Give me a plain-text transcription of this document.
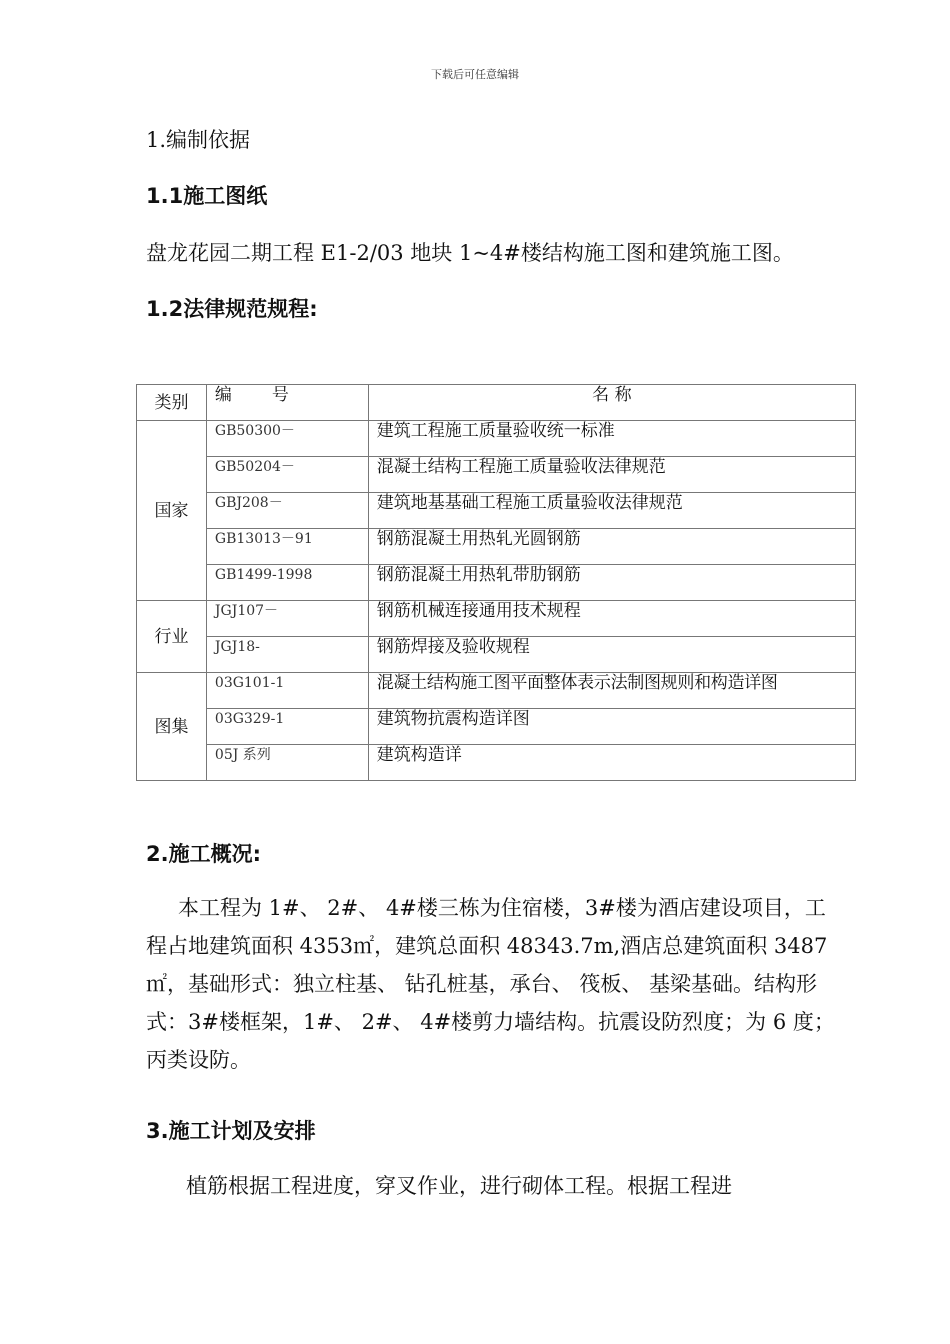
下载后可任意编辑
1.编制依据
1.1施工图纸
盘龙花园二期工程 E1-2/03 地块 1~4#楼结构施工图和建筑施工图。
1.2法律规范规程:
类别	编号	名 称
国家	GB50300－	建筑工程施工质量验收统一标准
	GB50204－	混凝土结构工程施工质量验收法律规范
	GBJ208－	建筑地基基础工程施工质量验收法律规范
	GB13013－91	钢筋混凝土用热轧光圆钢筋
	GB1499-1998	钢筋混凝土用热轧带肋钢筋
行业	JGJ107－	钢筋机械连接通用技术规程
	JGJ18-	钢筋焊接及验收规程
图集	03G101-1	混凝土结构施工图平面整体表示法制图规则和构造详图
	03G329-1	建筑物抗震构造详图
	05J 系列	建筑构造详
2.施工概况:
本工程为 1#、 2#、 4#楼三栋为住宿楼，3#楼为酒店建设项目，工程占地建筑面积 4353㎡，建筑总面积 48343.7m,酒店总建筑面积 3487㎡，基础形式：独立柱基、 钻孔桩基，承台、 筏板、 基梁基础。结构形式：3#楼框架，1#、 2#、 4#楼剪力墙结构。抗震设防烈度；为 6 度；丙类设防。
3.施工计划及安排
植筋根据工程进度，穿叉作业，进行砌体工程。根据工程进
